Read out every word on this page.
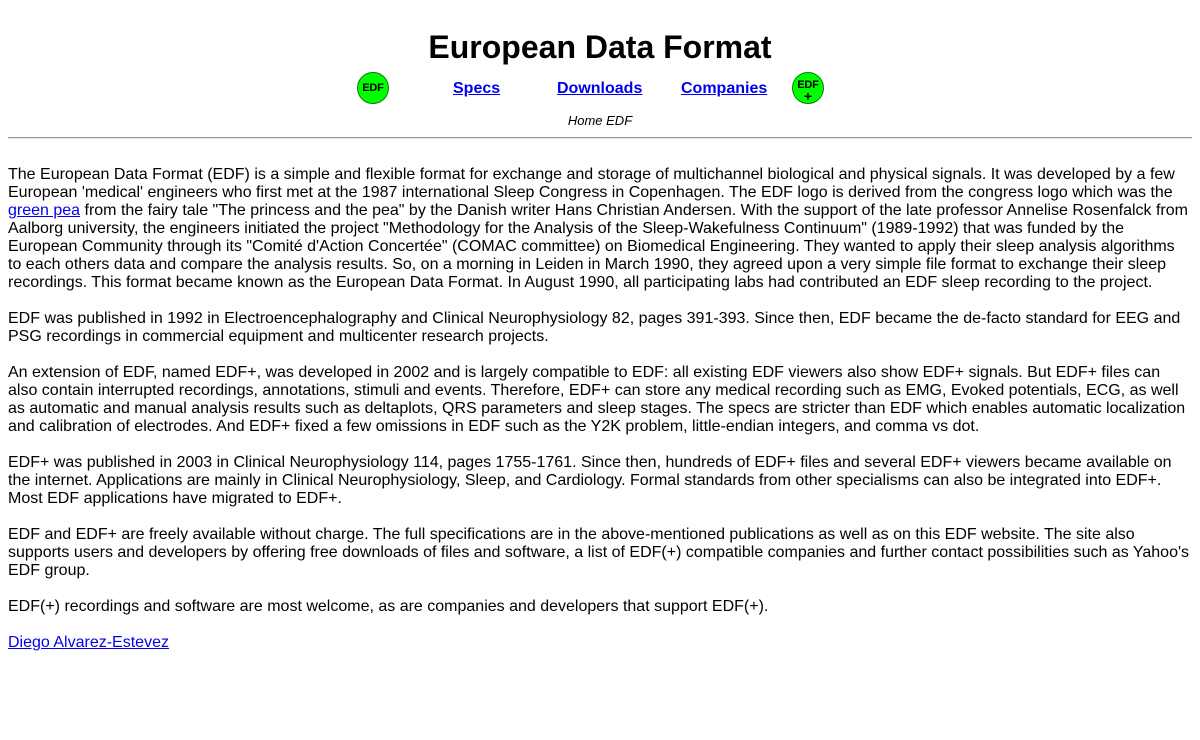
European Data Format
EDF	Specs	Downloads Companies	EDF
+
Home EDF

The European Data Format (EDF) is a simple and flexible format for exchange and storage of multichannel biological and physical signals. It was developed by a few European 'medical' engineers who first met at the 1987 international Sleep Congress in Copenhagen. The EDF logo is derived from the congress logo which was the green pea from the fairy tale "The princess and the pea" by the Danish writer Hans Christian Andersen. With the support of the late professor Annelise Rosenfalck from Aalborg university, the engineers initiated the project "Methodology for the Analysis of the Sleep-Wakefulness Continuum" (1989-1992) that was funded by the European Community through its "Comité d'Action Concertée" (COMAC committee) on Biomedical Engineering. They wanted to apply their sleep analysis algorithms to each others data and compare the analysis results. So, on a morning in Leiden in March 1990, they agreed upon a very simple file format to exchange their sleep recordings. This format became known as the European Data Format. In August 1990, all participating labs had contributed an EDF sleep recording to the project.

EDF was published in 1992 in Electroencephalography and Clinical Neurophysiology 82, pages 391-393. Since then, EDF became the de-facto standard for EEG and PSG recordings in commercial equipment and multicenter research projects.

An extension of EDF, named EDF+, was developed in 2002 and is largely compatible to EDF: all existing EDF viewers also show EDF+ signals. But EDF+ files can also contain interrupted recordings, annotations, stimuli and events. Therefore, EDF+ can store any medical recording such as EMG, Evoked potentials, ECG, as well as automatic and manual analysis results such as deltaplots, QRS parameters and sleep stages. The specs are stricter than EDF which enables automatic localization and calibration of electrodes. And EDF+ fixed a few omissions in EDF such as the Y2K problem, little-endian integers, and comma vs dot.

EDF+ was published in 2003 in Clinical Neurophysiology 114, pages 1755-1761. Since then, hundreds of EDF+ files and several EDF+ viewers became available on the internet. Applications are mainly in Clinical Neurophysiology, Sleep, and Cardiology. Formal standards from other specialisms can also be integrated into EDF+. Most EDF applications have migrated to EDF+.

EDF and EDF+ are freely available without charge. The full specifications are in the above-mentioned publications as well as on this EDF website. The site also supports users and developers by offering free downloads of files and software, a list of EDF(+) compatible companies and further contact possibilities such as Yahoo's EDF group.

EDF(+) recordings and software are most welcome, as are companies and developers that support EDF(+).

Diego Alvarez-Estevez
